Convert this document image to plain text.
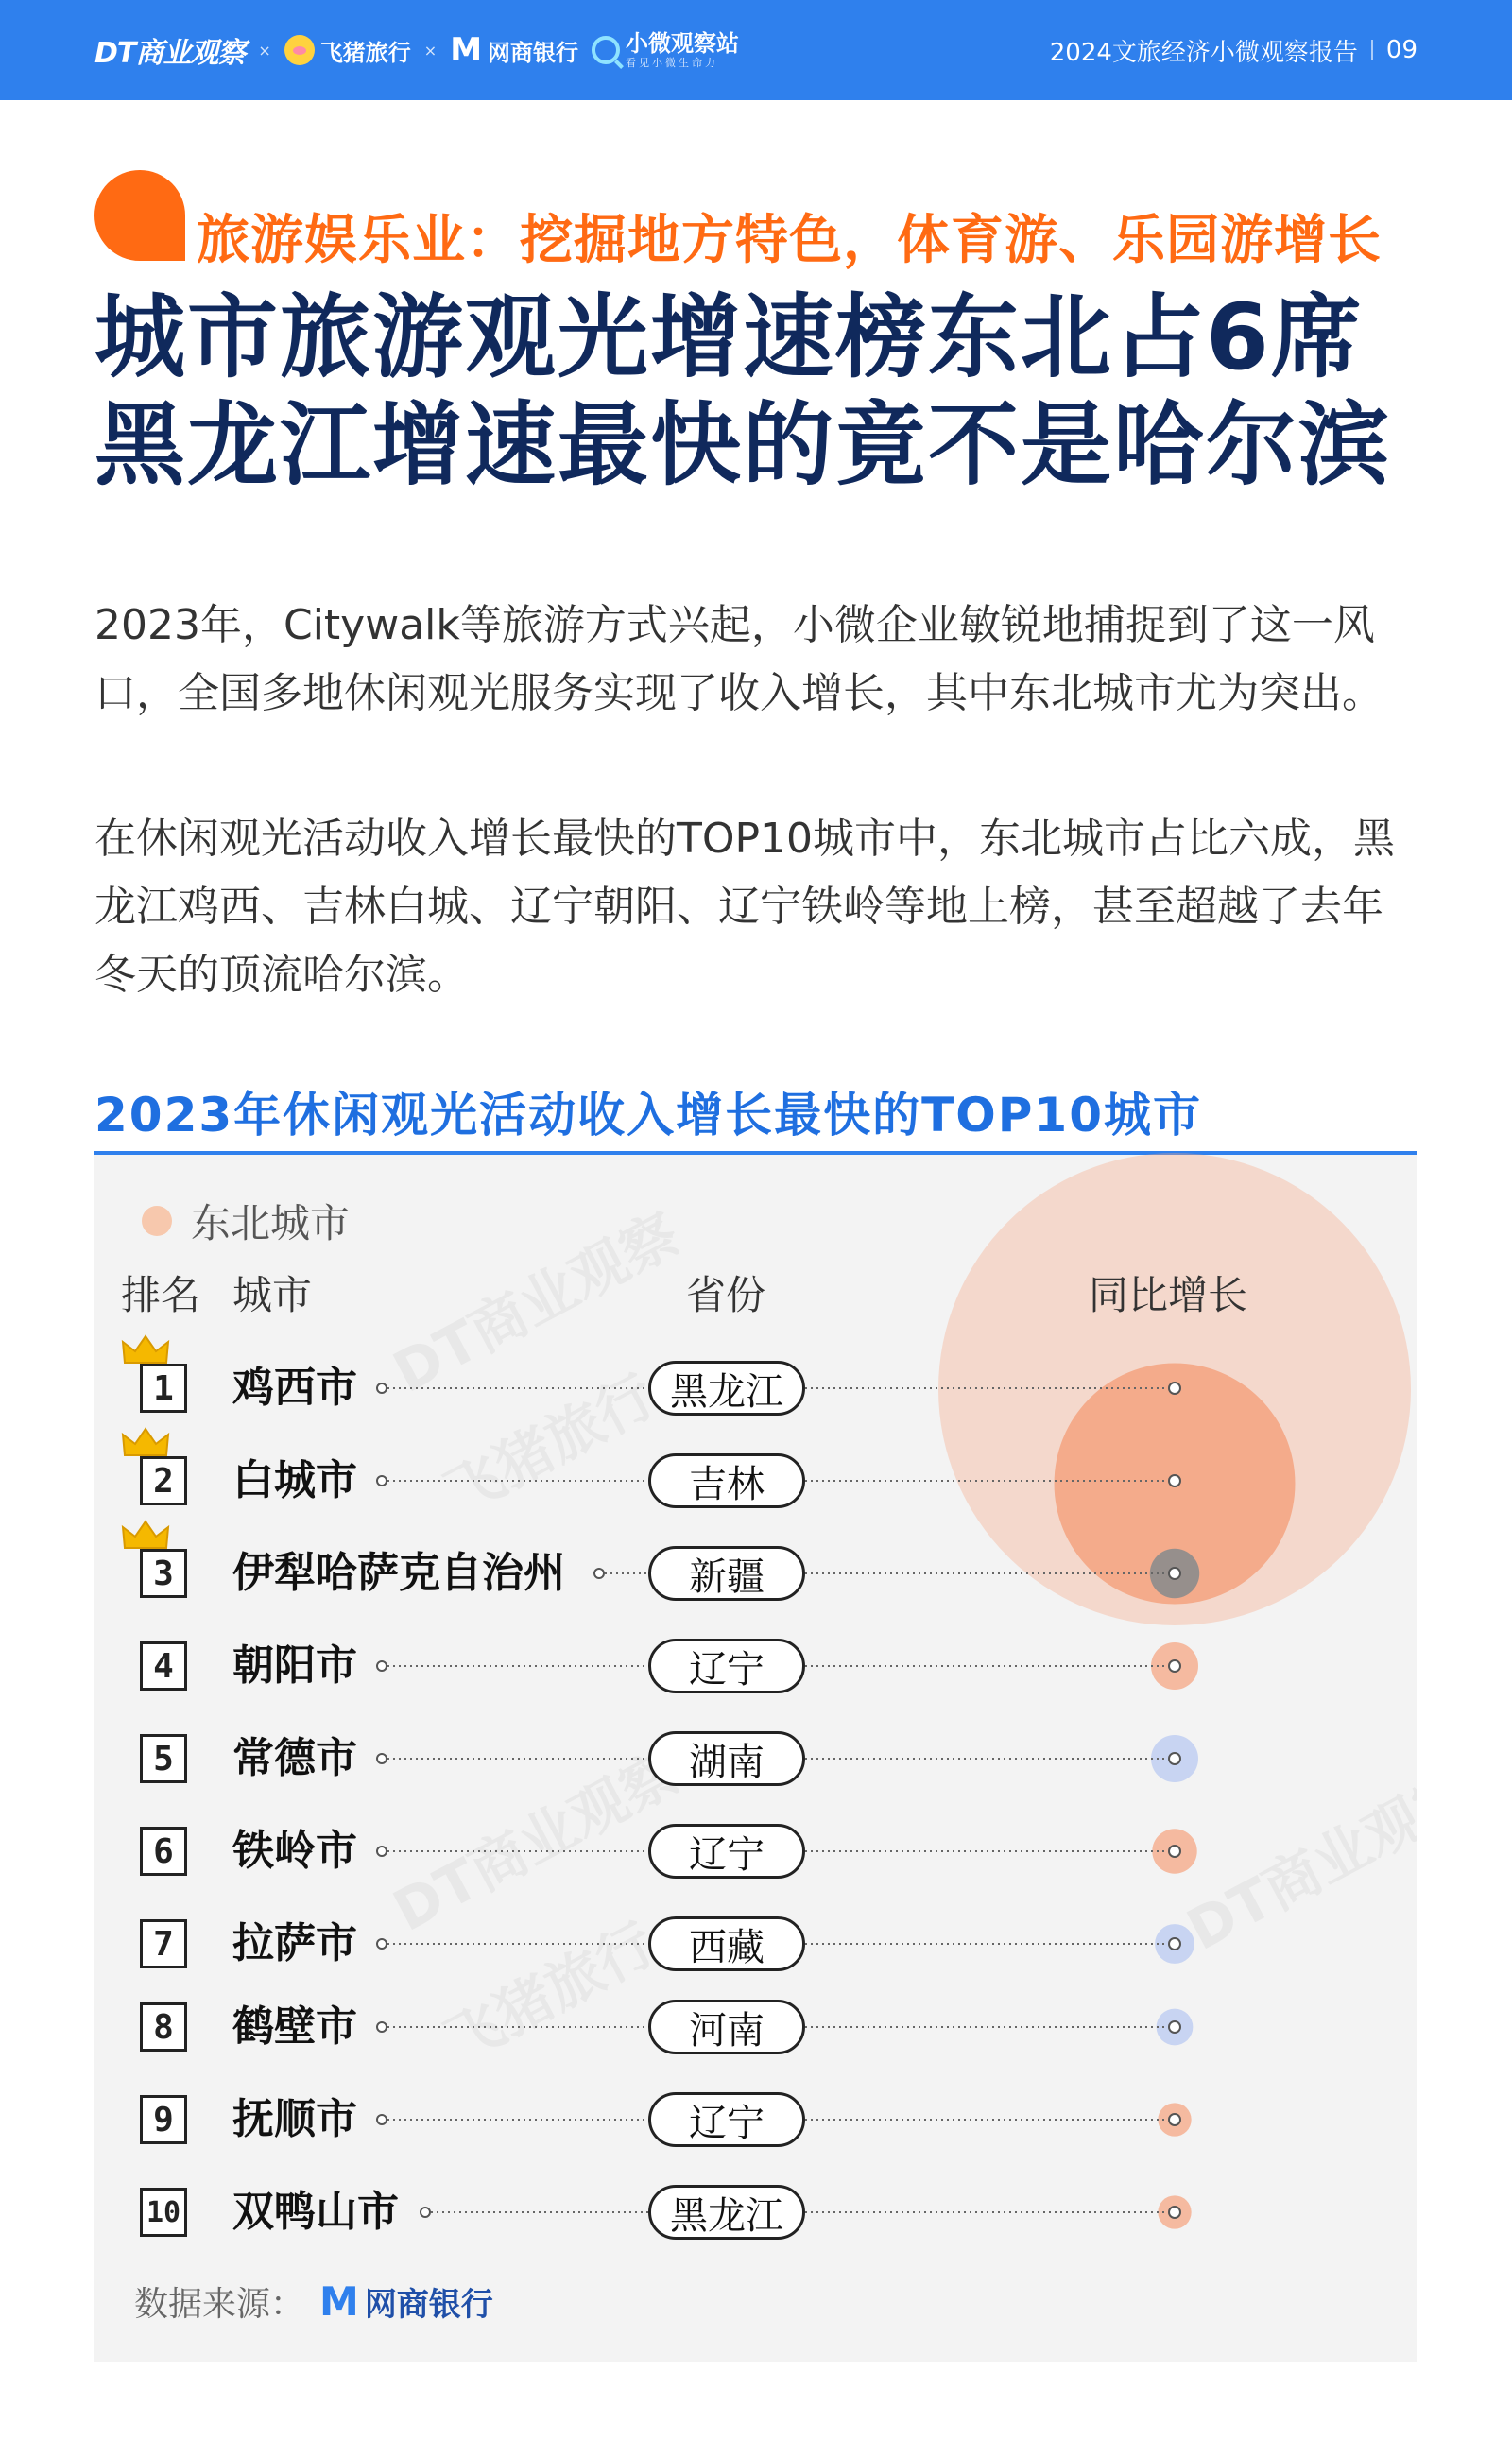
DT商业观察 × 飞猪旅行 × M 网商银行 小微观察站
看见小微生命力	2024文旅经济小微观察报告 09
旅游娱乐业：挖掘地方特色，体育游、乐园游增长
城市旅游观光增速榜东北占6席
黑龙江增速最快的竟不是哈尔滨

2023年，Citywalk等旅游方式兴起，小微企业敏锐地捕捉到了这一风口，全国多地休闲观光服务实现了收入增长，其中东北城市尤为突出。

在休闲观光活动收入增长最快的TOP10城市中，东北城市占比六成，黑龙江鸡西、吉林白城、辽宁朝阳、辽宁铁岭等地上榜，甚至超越了去年冬天的顶流哈尔滨。

2023年休闲观光活动收入增长最快的TOP10城市
东北城市
排名 城市	省份	同比增长
1	鸡西市	黑龙江
2	白城市	吉林
3	伊犁哈萨克自治州	新疆
4	朝阳市	辽宁
5	常德市	湖南
6	铁岭市	辽宁
7	拉萨市	西藏
8	鹤壁市	河南
9	抚顺市	辽宁
10 双鸭山市	黑龙江
数据来源： M 网商银行
